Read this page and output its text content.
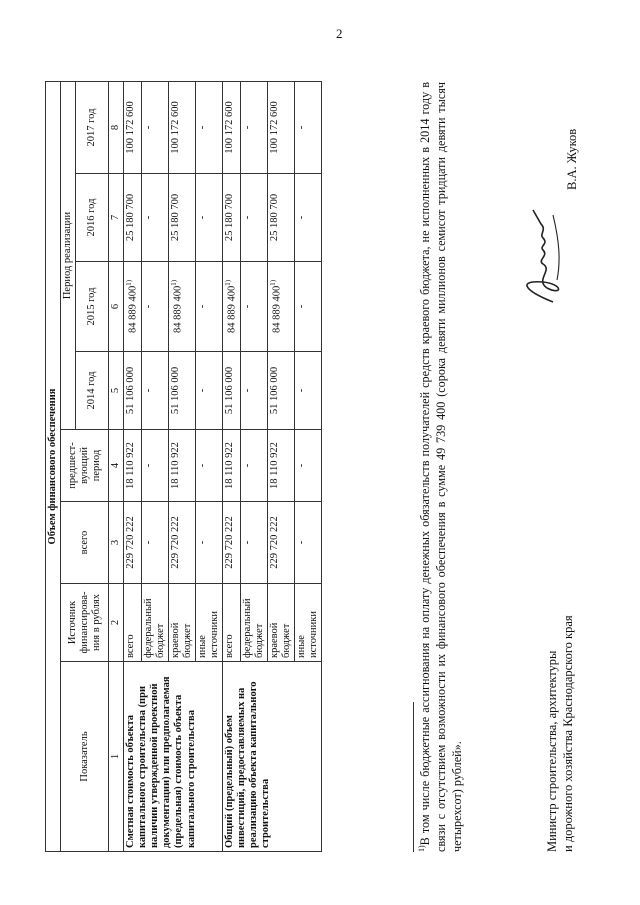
2
Объем финансового обеспечения							
Показатель	Источник финансирова-ния в рублях	всего	предшест-вующий период	Период реализации			
				2014 год	2015 год	2016 год	2017 год

1	2	3	4	5	6	7	8
Сметная стоимость объекта капитального строительства (при наличии утвержденной проектной документации) или предполагаемая (предельная) стоимость объекта капитального строительства	всего	229 720 222	18 110 922	51 106 000	84 889 400$^{1)}$	25 180 700	100 172 600
	федеральный бюджет	-	-	-	-	-	-
	краевой бюджет	229 720 222	18 110 922	51 106 000	84 889 400$^{1)}$	25 180 700	100 172 600
	иные источники	-	-	-	-	-	-
Общий (предельный) объем инвестиций, предоставляемых на реализацию объекта капитального строительства	всего	229 720 222	18 110 922	51 106 000	84 889 400$^{1)}$	25 180 700	100 172 600
	федеральный бюджет	-	-	-	-	-	-
	краевой бюджет	229 720 222	18 110 922	51 106 000	84 889 400$^{1)}$	25 180 700	100 172 600
	иные источники	-	-	-	-	-	-
$^{1)}$В том числе бюджетные ассигнования на оплату денежных обязательств получателей средств краевого бюджета, не исполненных в 2014 году в связи с отсутствием возможности их финансового обеспечения в сумме 49 739 400 (сорока девяти миллионов семисот тридцати девяти тысяч четырехсот) рублей».	Министр строительства, архитектуры и дорожного хозяйства Краснодарского края
В.А. Жуков
